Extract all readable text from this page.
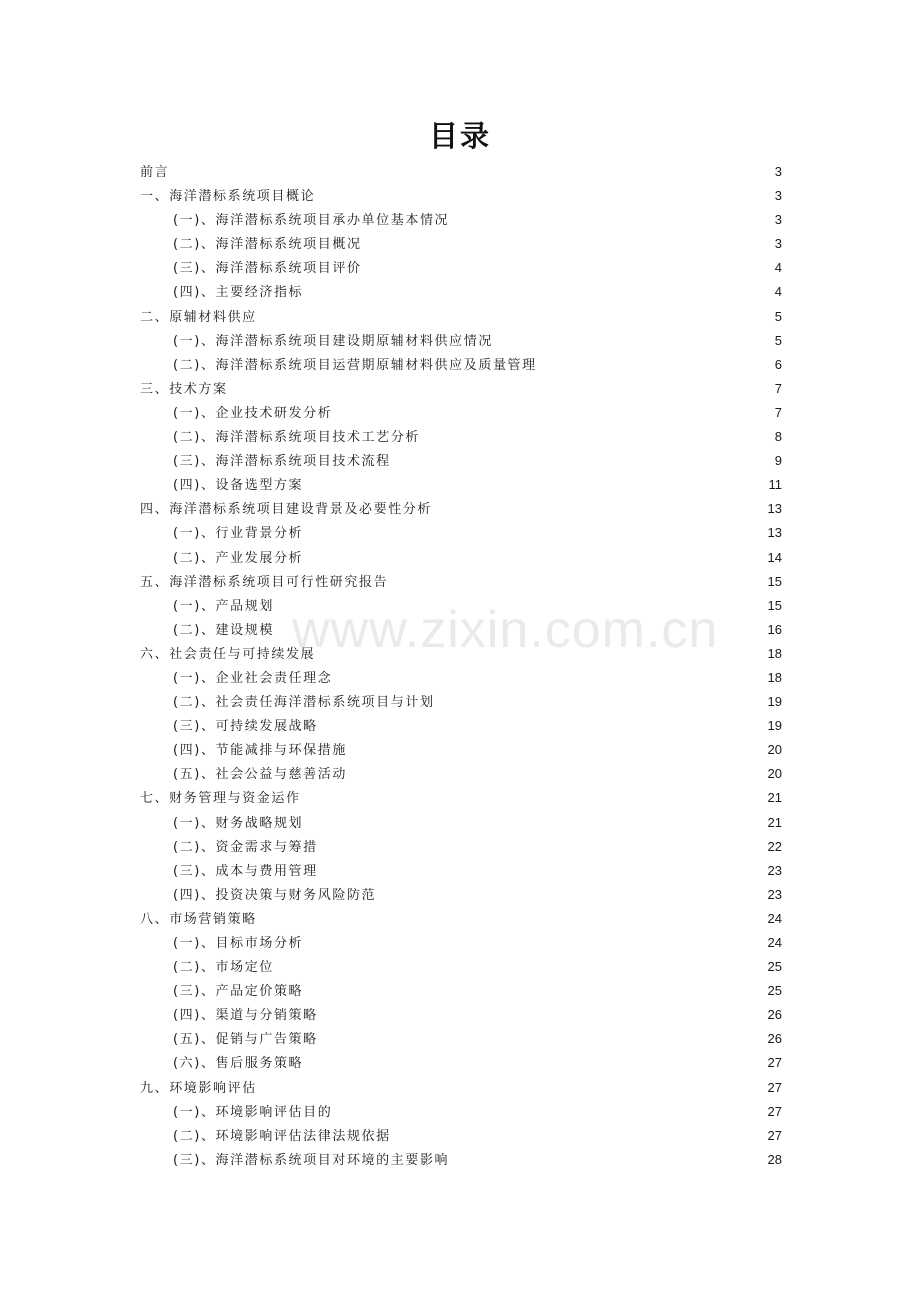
目录
www.zixin.com.cn
前言	3
一、海洋潜标系统项目概论	3
(一)、海洋潜标系统项目承办单位基本情况	3
(二)、海洋潜标系统项目概况	3
(三)、海洋潜标系统项目评价	4
(四)、主要经济指标	4
二、原辅材料供应	5
(一)、海洋潜标系统项目建设期原辅材料供应情况	5
(二)、海洋潜标系统项目运营期原辅材料供应及质量管理	6
三、技术方案	7
(一)、企业技术研发分析	7
(二)、海洋潜标系统项目技术工艺分析	8
(三)、海洋潜标系统项目技术流程	9
(四)、设备选型方案	11
四、海洋潜标系统项目建设背景及必要性分析	13
(一)、行业背景分析	13
(二)、产业发展分析	14
五、海洋潜标系统项目可行性研究报告	15
(一)、产品规划	15
(二)、建设规模	16
六、社会责任与可持续发展	18
(一)、企业社会责任理念	18
(二)、社会责任海洋潜标系统项目与计划	19
(三)、可持续发展战略	19
(四)、节能减排与环保措施	20
(五)、社会公益与慈善活动	20
七、财务管理与资金运作	21
(一)、财务战略规划	21
(二)、资金需求与筹措	22
(三)、成本与费用管理	23
(四)、投资决策与财务风险防范	23
八、市场营销策略	24
(一)、目标市场分析	24
(二)、市场定位	25
(三)、产品定价策略	25
(四)、渠道与分销策略	26
(五)、促销与广告策略	26
(六)、售后服务策略	27
九、环境影响评估	27
(一)、环境影响评估目的	27
(二)、环境影响评估法律法规依据	27
(三)、海洋潜标系统项目对环境的主要影响	28
